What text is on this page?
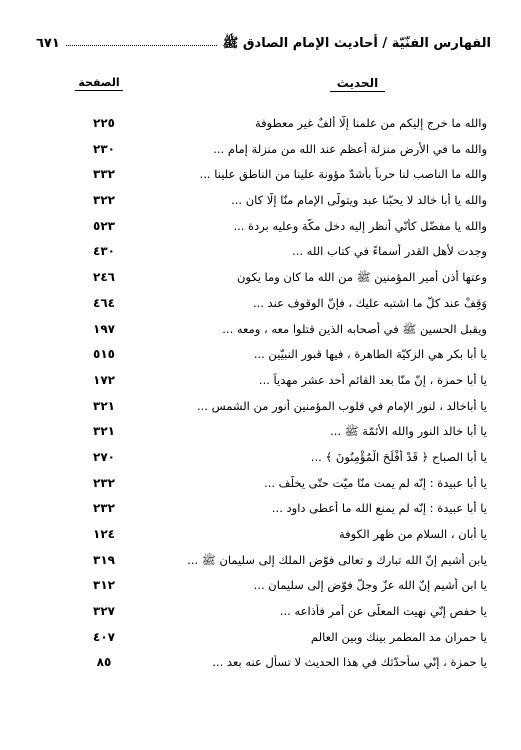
الفهارس الفنّيّة / أحاديث الإمام الصادق ﷺ
٦٧١
الحديث
الصفحة
والله ما خرج إليكم من علمنا إلّا ألفٌ غير معطوفة
٢٢٥
والله ما في الأرض منزلة أعظم عند الله من منزلة إمام ...
٢٣٠
والله ما الناصب لنا حرباً بأشدّ مؤونة علينا من الناطق علينا ...
٣٣٢
والله يا أبا خالد لا يحبّنا عبد ويتولّى الإمام منّا إلّا كان ...
٣٢٢
والله يا مفضّل كأنّي أنظر إليه دخل مكّة وعليه بردة ...
٥٢٣
وجدت لأهل القدر أسماءً في كتاب الله ...
٤٣٠
وعتها أذن أمير المؤمنين ﷺ من الله ما كان وما يكون
٢٤٦
وَقِفْ عند كلّ ما اشتبه عليك ، فإنّ الوقوف عند ...
٤٦٤
ويقبل الحسين ﷺ في أصحابه الذين قتلوا معه ، ومعه ...
١٩٧
يا أبا بكر هي الزكيّة الطاهرة ، فيها قبور النبيّين ...
٥١٥
يا أبا حمزة ، إنّ منّا بعد القائم أحد عشر مهدياً ...
١٧٢
يا أباخالد ، لنور الإمام في قلوب المؤمنين أنور من الشمس ...
٣٢١
يا أبا خالد النور والله الأئمّة ﷺ ...
٣٢١
يا أبا الصباح ﴿ قَدْ أَفْلَحَ الْمُؤْمِنُونَ ﴾ ...
٢٧٠
يا أبا عبيدة : إنّه لم يمت منّا ميّت حتّى يخلّف ...
٢٣٢
يا أبا عبيدة : إنّه لم يمنع الله ما أعطى داود ...
٢٣٢
يا أبان ، السلام من ظهر الكوفة
١٢٤
يابن أشيم إنّ الله تبارك و تعالى فوّض الملك إلى سليمان ﷺ ...
٣١٩
يا ابن أشيم إنّ الله عزّ وجلّ فوّض إلى سليمان ...
٣١٢
يا حفص إنّي نهيت المعلّى عن أمرٍ فأذاعه ...
٣٢٧
يا حمران مد المطمر بينك وبين العالم
٤٠٧
يا حمزة ، إنّي سأحدّثك في هذا الحديث لا تسأل عنه بعد ...
٨٥
